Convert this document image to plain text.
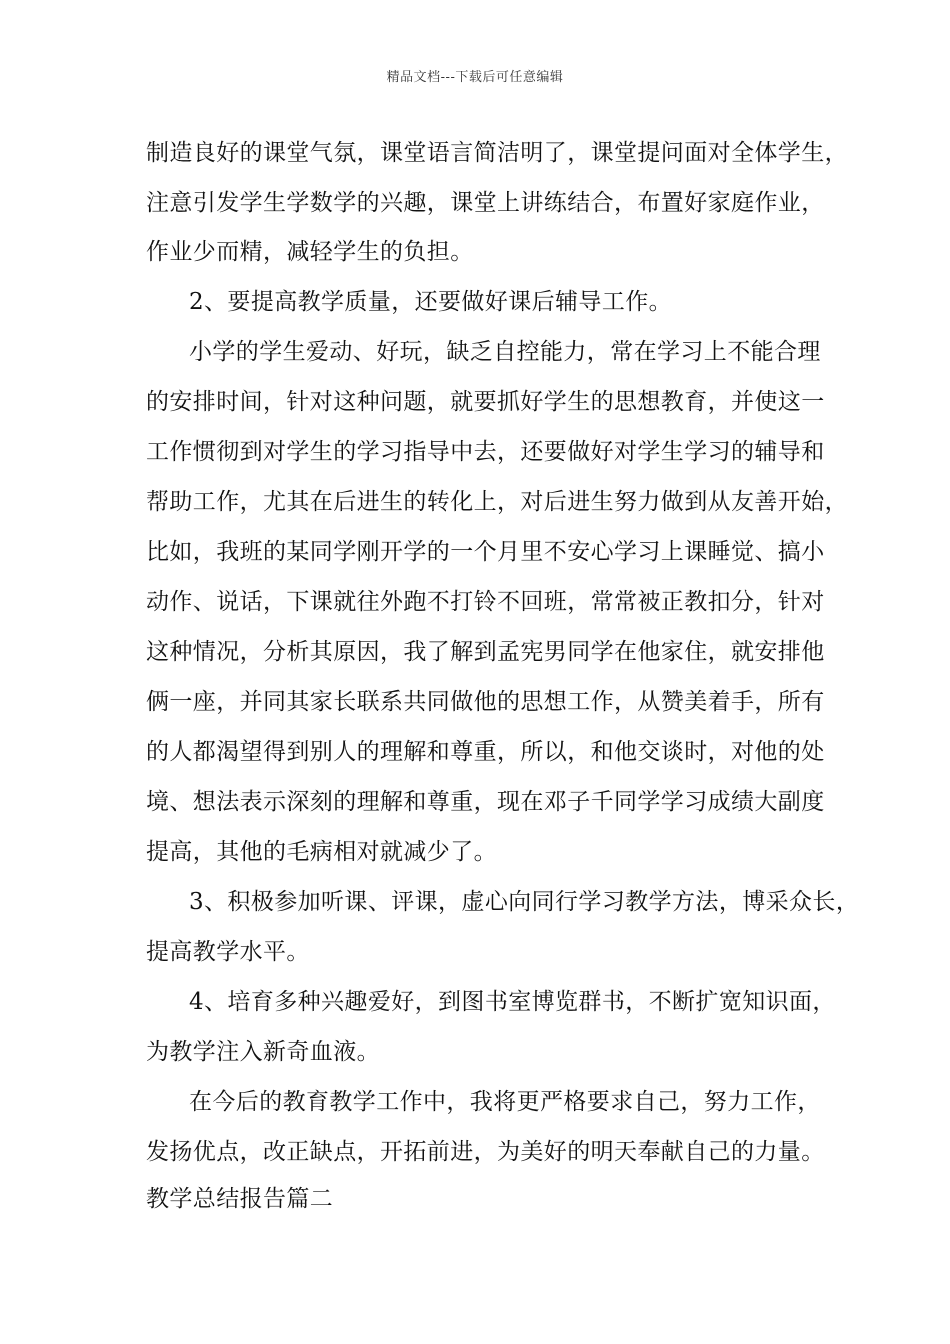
精品文档---下载后可任意编辑
制造良好的课堂气氛，课堂语言简洁明了，课堂提问面对全体学生，
注意引发学生学数学的兴趣，课堂上讲练结合，布置好家庭作业，
作业少而精，减轻学生的负担。
2、要提高教学质量，还要做好课后辅导工作。
小学的学生爱动、好玩，缺乏自控能力，常在学习上不能合理
的安排时间，针对这种问题，就要抓好学生的思想教育，并使这一
工作惯彻到对学生的学习指导中去，还要做好对学生学习的辅导和
帮助工作，尤其在后进生的转化上，对后进生努力做到从友善开始，
比如，我班的某同学刚开学的一个月里不安心学习上课睡觉、搞小
动作、说话，下课就往外跑不打铃不回班，常常被正教扣分，针对
这种情况，分析其原因，我了解到孟宪男同学在他家住，就安排他
俩一座，并同其家长联系共同做他的思想工作，从赞美着手，所有
的人都渴望得到别人的理解和尊重，所以，和他交谈时，对他的处
境、想法表示深刻的理解和尊重，现在邓子千同学学习成绩大副度
提高，其他的毛病相对就减少了。
3、积极参加听课、评课，虚心向同行学习教学方法，博采众长，
提高教学水平。
4、培育多种兴趣爱好，到图书室博览群书，不断扩宽知识面，
为教学注入新奇血液。
在今后的教育教学工作中，我将更严格要求自己，努力工作，
发扬优点，改正缺点，开拓前进，为美好的明天奉献自己的力量。
教学总结报告篇二
